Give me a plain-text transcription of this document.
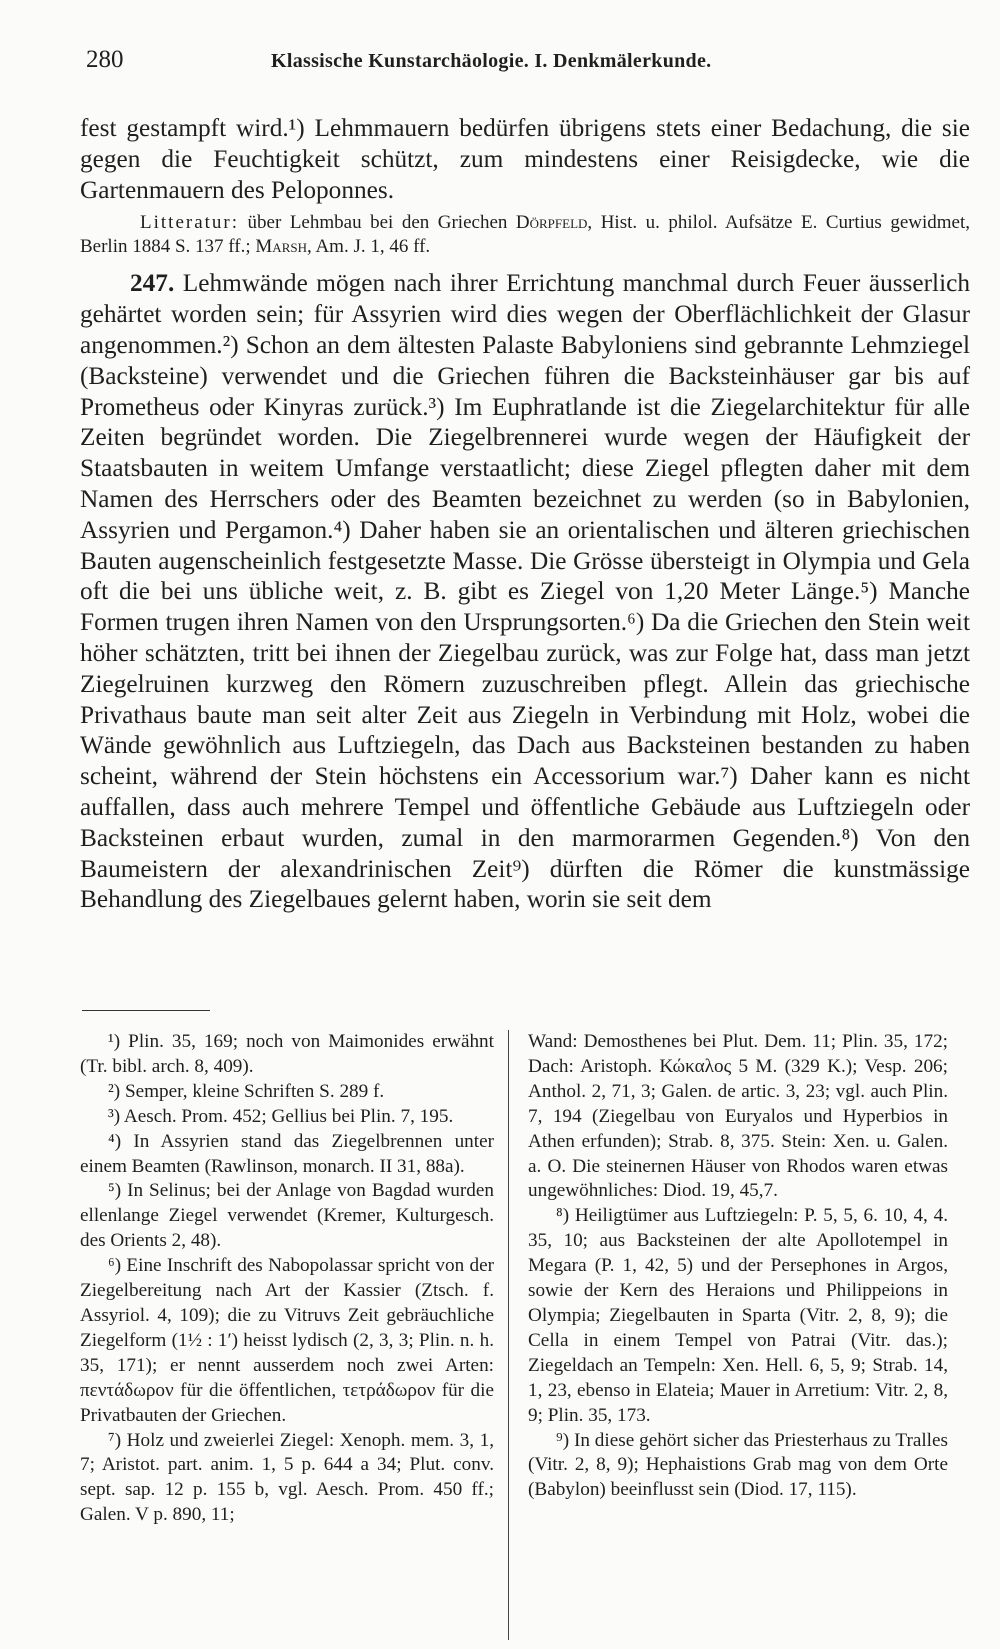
280	Klassische Kunstarchäologie. I. Denkmälerkunde.

fest gestampft wird.¹) Lehmmauern bedürfen übrigens stets einer Bedachung, die sie gegen die Feuchtigkeit schützt, zum mindestens einer Reisigdecke, wie die Gartenmauern des Peloponnes.

Litteratur: über Lehmbau bei den Griechen Dörpfeld, Hist. u. philol. Aufsätze E. Curtius gewidmet, Berlin 1884 S. 137 ff.; Marsh, Am. J. 1, 46 ff.

247. Lehmwände mögen nach ihrer Errichtung manchmal durch Feuer äusserlich gehärtet worden sein; für Assyrien wird dies wegen der Oberflächlichkeit der Glasur angenommen.²) Schon an dem ältesten Palaste Babyloniens sind gebrannte Lehmziegel (Backsteine) verwendet und die Griechen führen die Backsteinhäuser gar bis auf Prometheus oder Kinyras zurück.³) Im Euphratlande ist die Ziegelarchitektur für alle Zeiten begründet worden. Die Ziegelbrennerei wurde wegen der Häufigkeit der Staatsbauten in weitem Umfange verstaatlicht; diese Ziegel pflegten daher mit dem Namen des Herrschers oder des Beamten bezeichnet zu werden (so in Babylonien, Assyrien und Pergamon.⁴) Daher haben sie an orientalischen und älteren griechischen Bauten augenscheinlich festgesetzte Masse. Die Grösse übersteigt in Olympia und Gela oft die bei uns übliche weit, z. B. gibt es Ziegel von 1,20 Meter Länge.⁵) Manche Formen trugen ihren Namen von den Ursprungsorten.⁶) Da die Griechen den Stein weit höher schätzten, tritt bei ihnen der Ziegelbau zurück, was zur Folge hat, dass man jetzt Ziegelruinen kurzweg den Römern zuzuschreiben pflegt. Allein das griechische Privathaus baute man seit alter Zeit aus Ziegeln in Verbindung mit Holz, wobei die Wände gewöhnlich aus Luftziegeln, das Dach aus Backsteinen bestanden zu haben scheint, während der Stein höchstens ein Accessorium war.⁷) Daher kann es nicht auffallen, dass auch mehrere Tempel und öffentliche Gebäude aus Luftziegeln oder Backsteinen erbaut wurden, zumal in den marmorarmen Gegenden.⁸) Von den Baumeistern der alexandrinischen Zeit⁹) dürften die Römer die kunstmässige Behandlung des Ziegelbaues gelernt haben, worin sie seit dem

¹) Plin. 35, 169; noch von Maimonides erwähnt (Tr. bibl. arch. 8, 409).

²) Semper, kleine Schriften S. 289 f.

³) Aesch. Prom. 452; Gellius bei Plin. 7, 195.

⁴) In Assyrien stand das Ziegelbrennen unter einem Beamten (Rawlinson, monarch. II 31, 88a).

⁵) In Selinus; bei der Anlage von Bagdad wurden ellenlange Ziegel verwendet (Kremer, Kulturgesch. des Orients 2, 48).

⁶) Eine Inschrift des Nabopolassar spricht von der Ziegelbereitung nach Art der Kassier (Ztsch. f. Assyriol. 4, 109); die zu Vitruvs Zeit gebräuchliche Ziegelform (1½ : 1′) heisst lydisch (2, 3, 3; Plin. n. h. 35, 171); er nennt ausserdem noch zwei Arten: πεντάδωρον für die öffentlichen, τετράδωρον für die Privatbauten der Griechen.

⁷) Holz und zweierlei Ziegel: Xenoph. mem. 3, 1, 7; Aristot. part. anim. 1, 5 p. 644 a 34; Plut. conv. sept. sap. 12 p. 155 b, vgl. Aesch. Prom. 450 ff.; Galen. V p. 890, 11;

Wand: Demosthenes bei Plut. Dem. 11; Plin. 35, 172; Dach: Aristoph. Κώκαλος 5 M. (329 K.); Vesp. 206; Anthol. 2, 71, 3; Galen. de artic. 3, 23; vgl. auch Plin. 7, 194 (Ziegelbau von Euryalos und Hyperbios in Athen erfunden); Strab. 8, 375. Stein: Xen. u. Galen. a. O. Die steinernen Häuser von Rhodos waren etwas ungewöhnliches: Diod. 19, 45,7.

⁸) Heiligtümer aus Luftziegeln: P. 5, 5, 6. 10, 4, 4. 35, 10; aus Backsteinen der alte Apollotempel in Megara (P. 1, 42, 5) und der Persephones in Argos, sowie der Kern des Heraions und Philippeions in Olympia; Ziegelbauten in Sparta (Vitr. 2, 8, 9); die Cella in einem Tempel von Patrai (Vitr. das.); Ziegeldach an Tempeln: Xen. Hell. 6, 5, 9; Strab. 14, 1, 23, ebenso in Elateia; Mauer in Arretium: Vitr. 2, 8, 9; Plin. 35, 173.

⁹) In diese gehört sicher das Priesterhaus zu Tralles (Vitr. 2, 8, 9); Hephaistions Grab mag von dem Orte (Babylon) beeinflusst sein (Diod. 17, 115).
